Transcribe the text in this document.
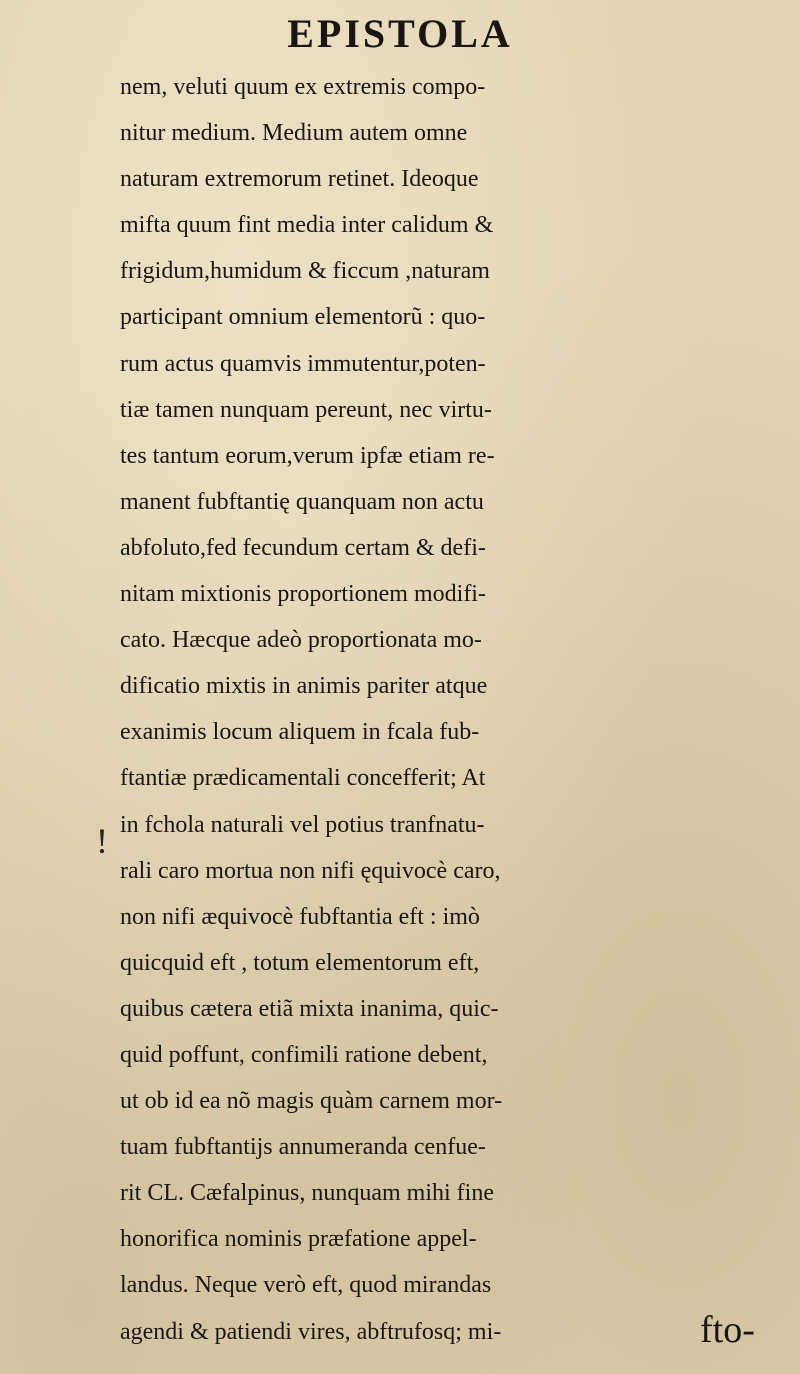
EPISTOLA
!
nem, veluti quum ex extremis compo-
nitur medium. Medium autem omne
naturam extremorum retinet. Ideoque
mifta quum fint media inter calidum &
frigidum,humidum & ficcum ,naturam
participant omnium elementorũ : quo-
rum actus quamvis immutentur,poten-
tiæ tamen nunquam pereunt, nec virtu-
tes tantum eorum,verum ipfæ etiam re-
manent fubftantię quanquam non actu
abfoluto,fed fecundum certam & defi-
nitam mixtionis proportionem modifi-
cato. Hæcque adeò proportionata mo-
dificatio mixtis in animis pariter atque
exanimis locum aliquem in fcala fub-
ftantiæ prædicamentali concefferit; At
in fchola naturali vel potius tranfnatu-
rali caro mortua non nifi ęquivocè caro,
non nifi æquivocè fubftantia eft : imò
quicquid eft , totum elementorum eft,
quibus cætera etiã mixta inanima, quic-
quid poffunt, confimili ratione debent,
ut ob id ea nõ magis quàm carnem mor-
tuam fubftantijs annumeranda cenfue-
rit CL. Cæfalpinus, nunquam mihi fine
honorifica nominis præfatione appel-
landus. Neque verò eft, quod mirandas
agendi & patiendi vires, abftrufosq; mi-	fto-
